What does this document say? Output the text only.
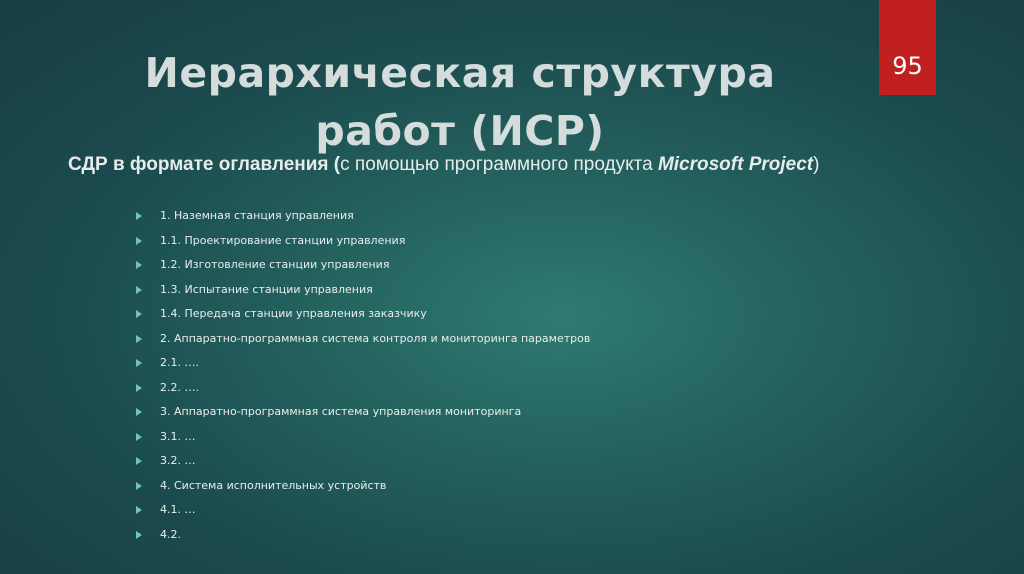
Иерархическая структура
работ (ИСР)
95
СДР в формате оглавления (с помощью программного продукта Microsoft Project)
1. Наземная станция управления
1.1. Проектирование станции управления
1.2. Изготовление станции управления
1.3. Испытание станции управления
1.4. Передача станции управления заказчику
2. Аппаратно-программная система контроля и мониторинга параметров
2.1. ….
2.2. ….
3. Аппаратно-программная система управления мониторинга
3.1. …
3.2. …
4. Система исполнительных устройств
4.1. …
4.2.
